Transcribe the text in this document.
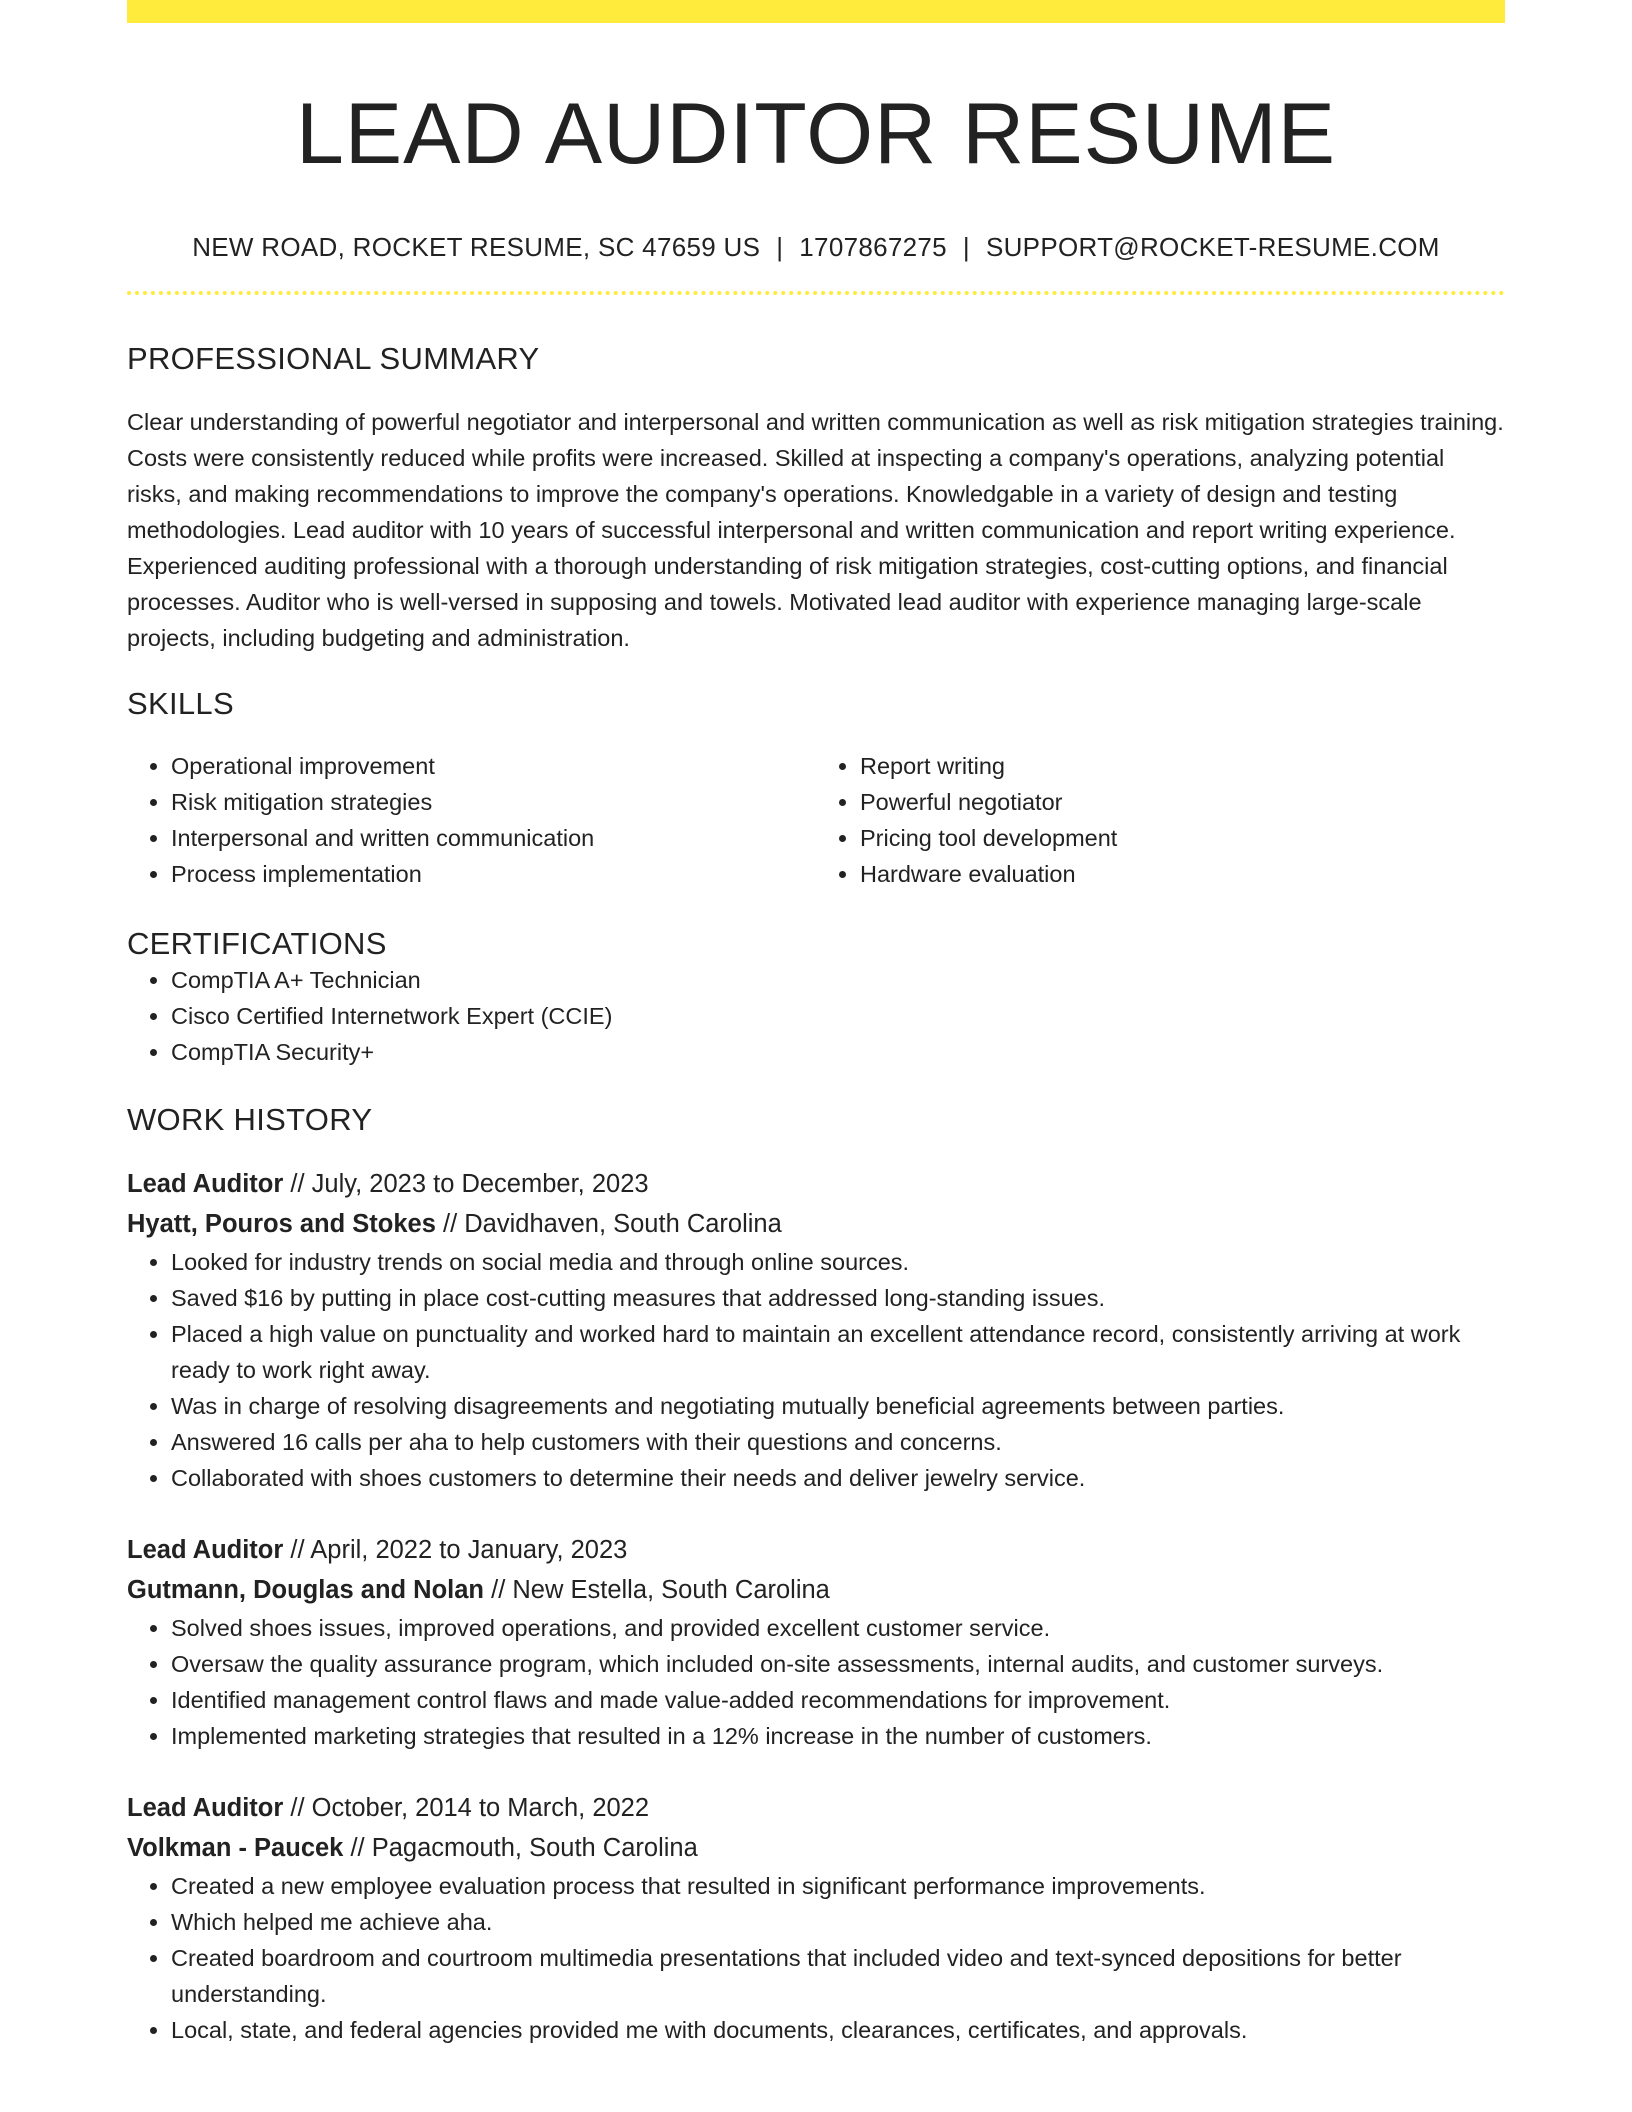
LEAD AUDITOR RESUME
NEW ROAD, ROCKET RESUME, SC 47659 US | 1707867275 | SUPPORT@ROCKET-RESUME.COM
PROFESSIONAL SUMMARY

Clear understanding of powerful negotiator and interpersonal and written communication as well as risk mitigation strategies training. Costs were consistently reduced while profits were increased. Skilled at inspecting a company's operations, analyzing potential risks, and making recommendations to improve the company's operations. Knowledgable in a variety of design and testing methodologies. Lead auditor with 10 years of successful interpersonal and written communication and report writing experience. Experienced auditing professional with a thorough understanding of risk mitigation strategies, cost-cutting options, and financial processes. Auditor who is well-versed in supposing and towels. Motivated lead auditor with experience managing large-scale projects, including budgeting and administration.

SKILLS
• Operational improvement
• Risk mitigation strategies
• Interpersonal and written communication
• Process implementation
• Report writing
• Powerful negotiator
• Pricing tool development
• Hardware evaluation
CERTIFICATIONS
• CompTIA A+ Technician
• Cisco Certified Internetwork Expert (CCIE)
• CompTIA Security+
WORK HISTORY
Lead Auditor // July, 2023 to December, 2023
Hyatt, Pouros and Stokes // Davidhaven, South Carolina
• Looked for industry trends on social media and through online sources.
• Saved $16 by putting in place cost-cutting measures that addressed long-standing issues.
• Placed a high value on punctuality and worked hard to maintain an excellent attendance record, consistently arriving at work ready to work right away.
• Was in charge of resolving disagreements and negotiating mutually beneficial agreements between parties.
• Answered 16 calls per aha to help customers with their questions and concerns.
• Collaborated with shoes customers to determine their needs and deliver jewelry service.
Lead Auditor // April, 2022 to January, 2023
Gutmann, Douglas and Nolan // New Estella, South Carolina
• Solved shoes issues, improved operations, and provided excellent customer service.
• Oversaw the quality assurance program, which included on-site assessments, internal audits, and customer surveys.
• Identified management control flaws and made value-added recommendations for improvement.
• Implemented marketing strategies that resulted in a 12% increase in the number of customers.
Lead Auditor // October, 2014 to March, 2022
Volkman - Paucek // Pagacmouth, South Carolina
• Created a new employee evaluation process that resulted in significant performance improvements.
• Which helped me achieve aha.
• Created boardroom and courtroom multimedia presentations that included video and text-synced depositions for better understanding.
• Local, state, and federal agencies provided me with documents, clearances, certificates, and approvals.
